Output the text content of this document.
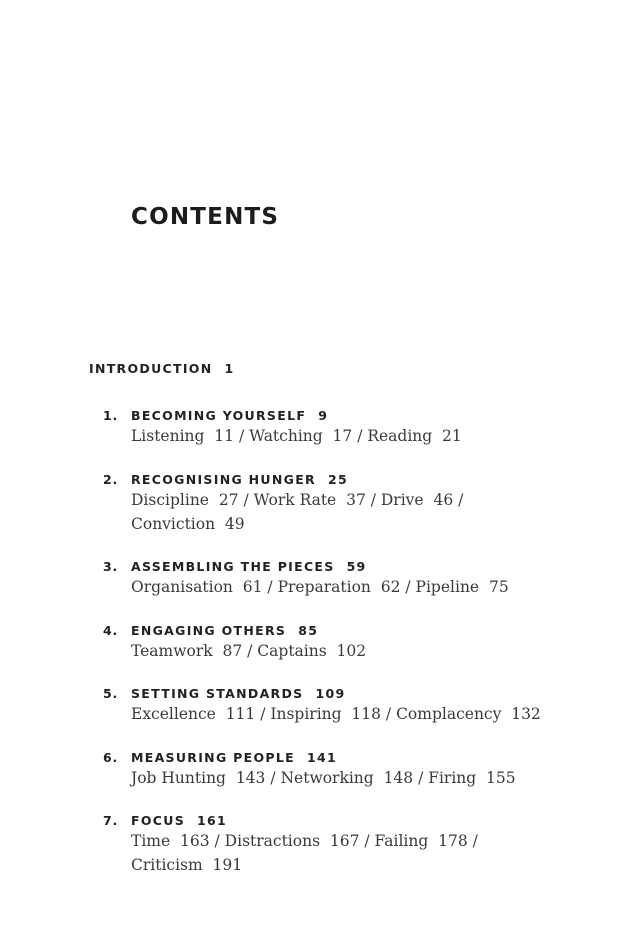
CONTENTS
INTRODUCTION 1
1.	BECOMING YOURSELF 9
Listening  11 / Watching  17 / Reading  21
2.	RECOGNISING HUNGER 25
Discipline  27 / Work Rate  37 / Drive  46 /
Conviction  49
3.	ASSEMBLING THE PIECES 59
Organisation  61 / Preparation  62 / Pipeline  75
4.	ENGAGING OTHERS 85
Teamwork  87 / Captains  102
5.	SETTING STANDARDS 109
Excellence  111 / Inspiring  118 / Complacency  132
6.	MEASURING PEOPLE 141
Job Hunting  143 / Networking  148 / Firing  155
7.	FOCUS 161
Time  163 / Distractions  167 / Failing  178 /
Criticism  191
